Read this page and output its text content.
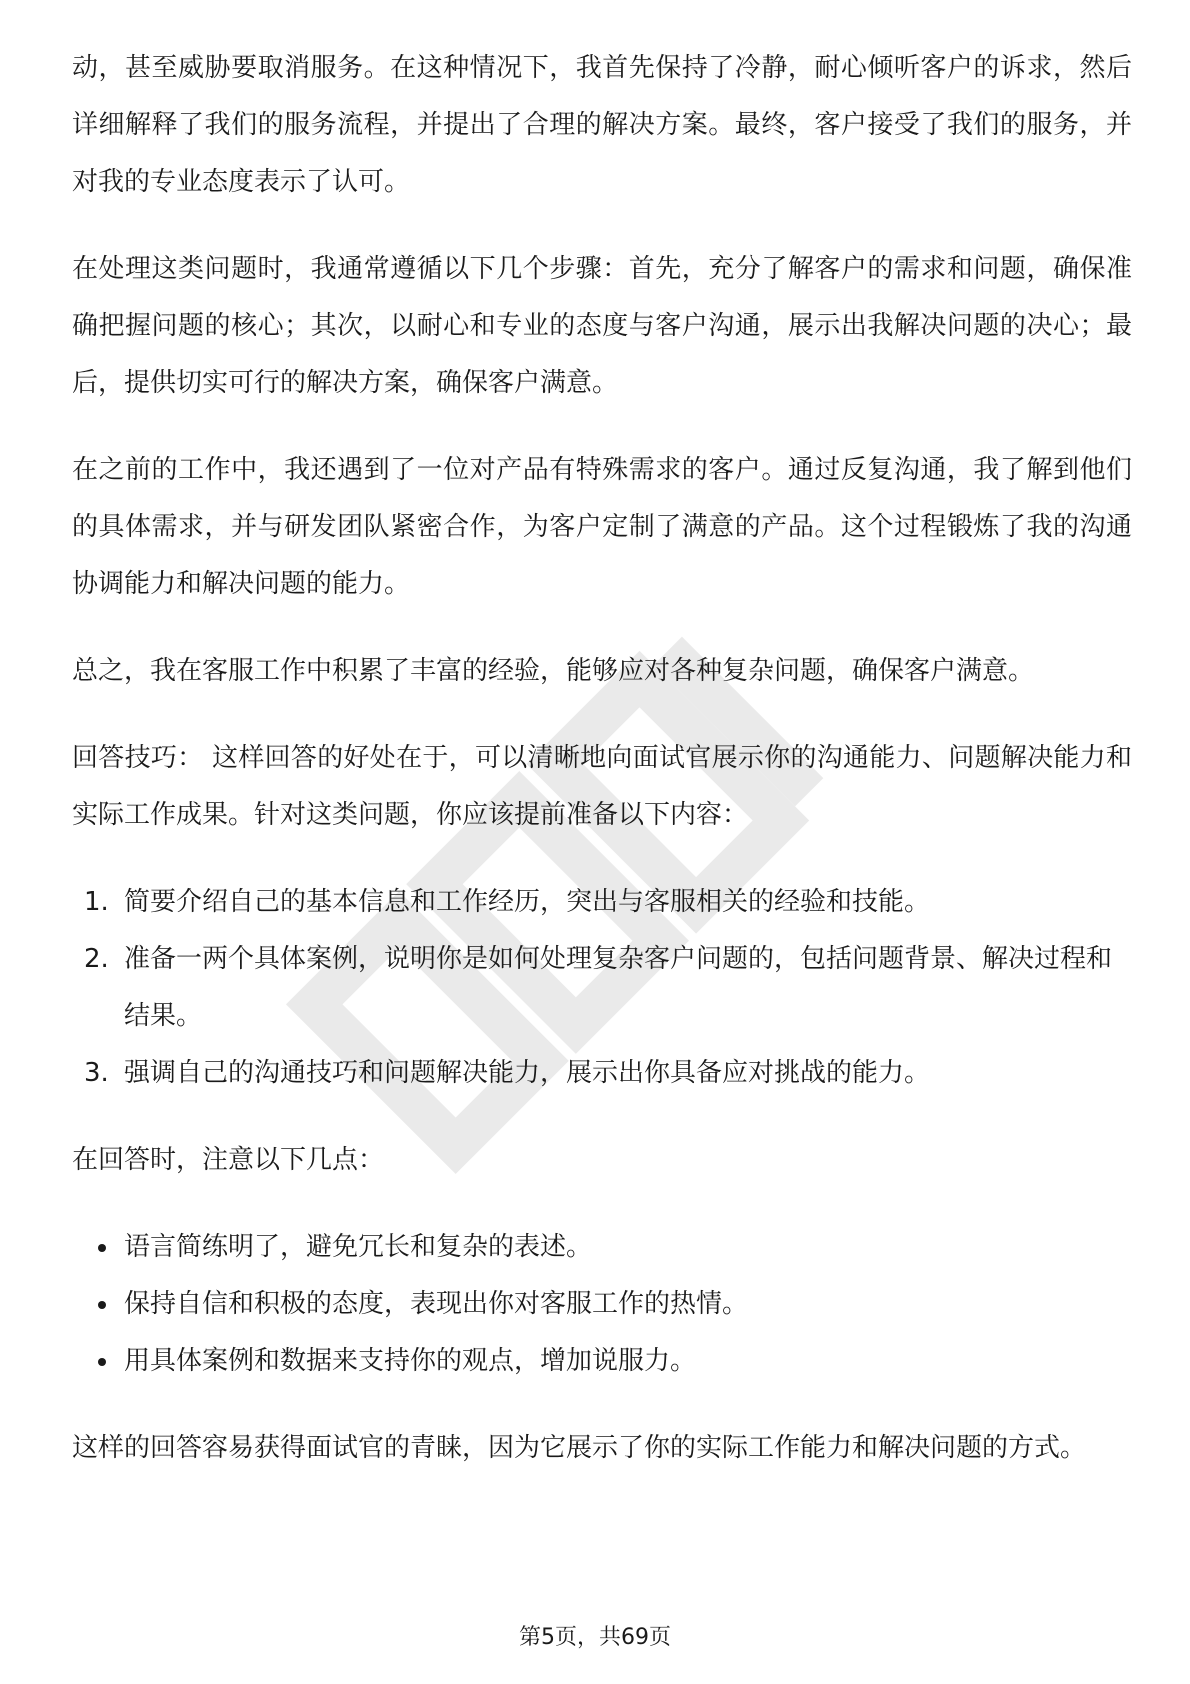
动，甚至威胁要取消服务。在这种情况下，我首先保持了冷静，耐心倾听客户的诉求，然后详细解释了我们的服务流程，并提出了合理的解决方案。最终，客户接受了我们的服务，并对我的专业态度表示了认可。

在处理这类问题时，我通常遵循以下几个步骤：首先，充分了解客户的需求和问题，确保准确把握问题的核心；其次，以耐心和专业的态度与客户沟通，展示出我解决问题的决心；最后，提供切实可行的解决方案，确保客户满意。

在之前的工作中，我还遇到了一位对产品有特殊需求的客户。通过反复沟通，我了解到他们的具体需求，并与研发团队紧密合作，为客户定制了满意的产品。这个过程锻炼了我的沟通协调能力和解决问题的能力。

总之，我在客服工作中积累了丰富的经验，能够应对各种复杂问题，确保客户满意。

回答技巧： 这样回答的好处在于，可以清晰地向面试官展示你的沟通能力、问题解决能力和实际工作成果。针对这类问题，你应该提前准备以下内容：

1. 简要介绍自己的基本信息和工作经历，突出与客服相关的经验和技能。
2. 准备一两个具体案例，说明你是如何处理复杂客户问题的，包括问题背景、解决过程和结果。
3. 强调自己的沟通技巧和问题解决能力，展示出你具备应对挑战的能力。

在回答时，注意以下几点：

语言简练明了，避免冗长和复杂的表述。
保持自信和积极的态度，表现出你对客服工作的热情。
用具体案例和数据来支持你的观点，增加说服力。

这样的回答容易获得面试官的青睐，因为它展示了你的实际工作能力和解决问题的方式。

第5页，共69页
